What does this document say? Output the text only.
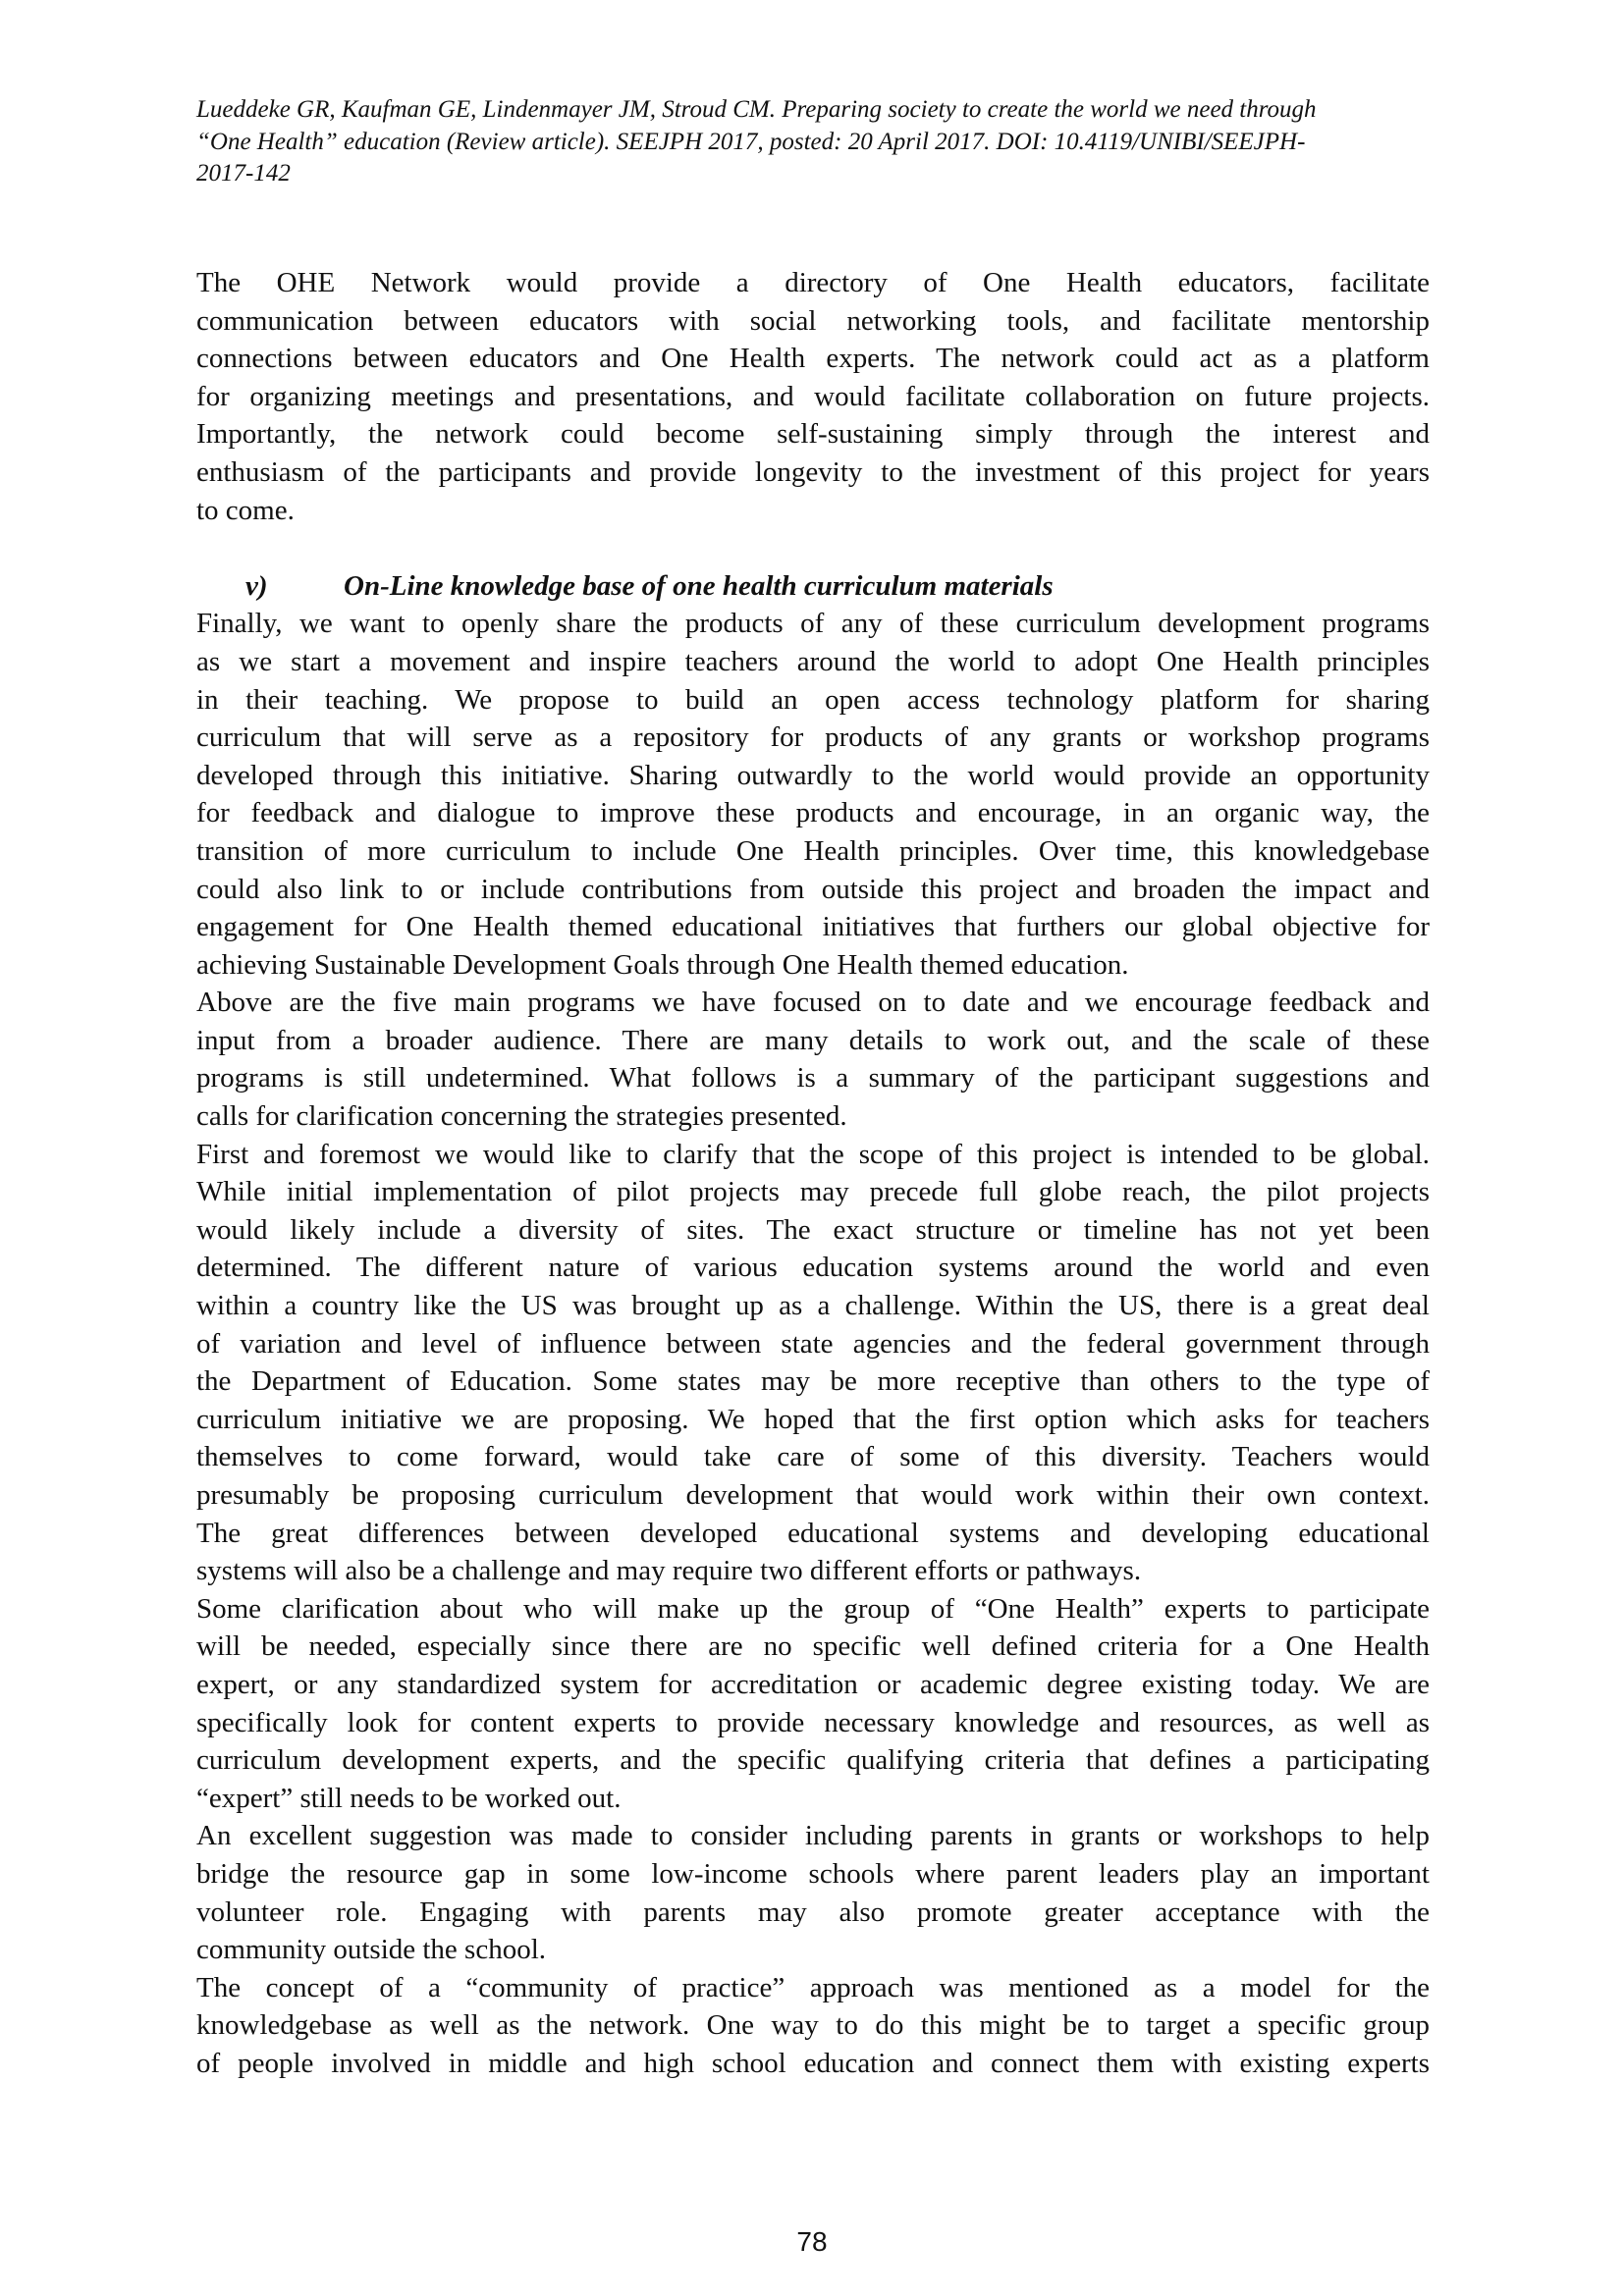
Lueddeke GR, Kaufman GE, Lindenmayer JM, Stroud CM. Preparing society to create the world we need through
“One Health” education (Review article). SEEJPH 2017, posted: 20 April 2017. DOI: 10.4119/UNIBI/SEEJPH-
2017-142
The OHE Network would provide a directory of One Health educators, facilitate
communication between educators with social networking tools, and facilitate mentorship
connections between educators and One Health experts. The network could act as a platform
for organizing meetings and presentations, and would facilitate collaboration on future projects.
Importantly, the network could become self-sustaining simply through the interest and
enthusiasm of the participants and provide longevity to the investment of this project for years
to come.
v)	On-Line knowledge base of one health curriculum materials
Finally, we want to openly share the products of any of these curriculum development programs
as we start a movement and inspire teachers around the world to adopt One Health principles
in their teaching. We propose to build an open access technology platform for sharing
curriculum that will serve as a repository for products of any grants or workshop programs
developed through this initiative. Sharing outwardly to the world would provide an opportunity
for feedback and dialogue to improve these products and encourage, in an organic way, the
transition of more curriculum to include One Health principles. Over time, this knowledgebase
could also link to or include contributions from outside this project and broaden the impact and
engagement for One Health themed educational initiatives that furthers our global objective for
achieving Sustainable Development Goals through One Health themed education.
Above are the five main programs we have focused on to date and we encourage feedback and
input from a broader audience. There are many details to work out, and the scale of these
programs is still undetermined. What follows is a summary of the participant suggestions and
calls for clarification concerning the strategies presented.
First and foremost we would like to clarify that the scope of this project is intended to be global.
While initial implementation of pilot projects may precede full globe reach, the pilot projects
would likely include a diversity of sites. The exact structure or timeline has not yet been
determined. The different nature of various education systems around the world and even
within a country like the US was brought up as a challenge. Within the US, there is a great deal
of variation and level of influence between state agencies and the federal government through
the Department of Education. Some states may be more receptive than others to the type of
curriculum initiative we are proposing. We hoped that the first option which asks for teachers
themselves to come forward, would take care of some of this diversity. Teachers would
presumably be proposing curriculum development that would work within their own context.
The great differences between developed educational systems and developing educational
systems will also be a challenge and may require two different efforts or pathways.
Some clarification about who will make up the group of “One Health” experts to participate
will be needed, especially since there are no specific well defined criteria for a One Health
expert, or any standardized system for accreditation or academic degree existing today. We are
specifically look for content experts to provide necessary knowledge and resources, as well as
curriculum development experts, and the specific qualifying criteria that defines a participating
“expert” still needs to be worked out.
An excellent suggestion was made to consider including parents in grants or workshops to help
bridge the resource gap in some low-income schools where parent leaders play an important
volunteer role. Engaging with parents may also promote greater acceptance with the
community outside the school.
The concept of a “community of practice” approach was mentioned as a model for the
knowledgebase as well as the network. One way to do this might be to target a specific group
of people involved in middle and high school education and connect them with existing experts
78
